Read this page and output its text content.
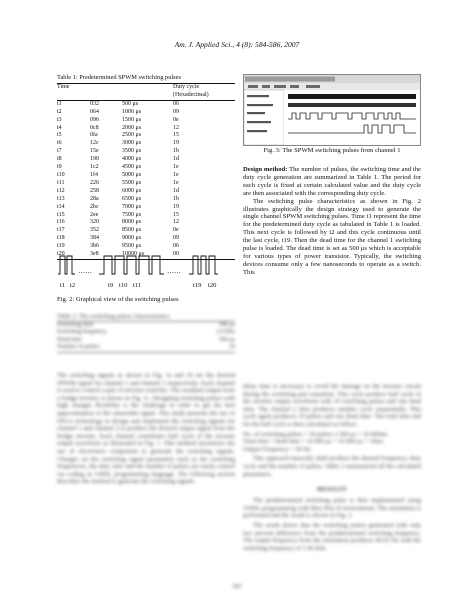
Am. J. Applied Sci., 4 (8): 584-586, 2007
Table 1: Predetermined SPWM switching pulses
Time			Duty cycle
			(Hexadecimal)
t1	032	500 μs	06
t2	064	1000 μs	09
t3	096	1500 μs	0e
t4	0c8	2000 μs	12
t5	0fa	2500 μs	15
t6	12c	3000 μs	19
t7	15e	3500 μs	1b
t8	190	4000 μs	1d
t9	1c2	4500 μs	1e
t10	1f4	5000 μs	1e
t11	226	5500 μs	1e
t12	258	6000 μs	1d
t13	28a	6500 μs	1b
t14	2bc	7000 μs	19
t15	2ee	7500 μs	15
t16	320	8000 μs	12
t17	352	8500 μs	0e
t18	384	9000 μs	09
t19	3b6	9500 μs	06
t20	3e8	10000 μs	00
……	……
t1 t2	t9 t10 t11	t19 t20
Fig. 2: Graphical view of the switching pulses
Table 2: The switching pulses characteristics
Switching time	500 μs
Switching frequency	2.0 kHz
Dead time	500 μs
Number of pulses	19
The switching signals as shown in Fig. 1a and 1b are the desired SPWM signal for channel 1 and channel 2 respectively. Each channel is used to control a pair of inverter switches. The resultant output from a bridge inverter is shown in Fig. 1c. Designing switching pulses with high changes flexibility is the challenge in order to get the best approximation of the sinusoidal signal. This study presents the use of FPGA technology to design and implement the switching signals for channel 1 and channel 2 to produce the desired output signal from the bridge inverter. Each channel contributes half cycle of the inverter output waveform as illustrated in Fig. 1. This method maximizes the use of electronics component to generate the switching signals. Changes on the switching signal parameters such as the switching frequencies, the duty ratio and the number of pulses are easily control via coding in VHDL programming language. The following section describes the method to generate the switching signals.
Fig. 3: The SPWM switching pulses from channel 1

Design method: The number of pulses, the switching time and the duty cycle generation are summarized in Table 1. The period for each cycle is fixed at certain calculated value and the duty cycle are then associated with the corresponding duty cycle.

The switching pulse characteristics as shown in Fig. 2 illustrates graphically the design strategy used to generate the single channel SPWM switching pulses. Time t1 represent the time for the predetermined duty cycle as tabulated in Table 1 is loaded. This next cycle is followed by t2 and this cycle continuous until the last cycle, t19. Then the dead time for the channel 1 switching pulse is loaded. The dead time is set as 500 μs which is acceptable for various types of power transistor. Typically, the switching devices consume only a few nanoseconds to operate as a switch. This

delay time is necessary to avoid the damage on the inverter circuit during the switching pair transition. This cycle produce half cycle of the inverter output waveform with 19 switching pulses and one dead time. The channel 2 then produces another cycle sequentially. This cycle again produces 19 pulses and one dead time. The total time and for the half cycle is then calculated as follow:
No. of switching pulses = 20 pulses x 500 μs = 10 000ms
Total time = dead time + 10 000 μs = 10 000 μs = 10ms
Output Frequency = 50 Hz
This approach basically shall produce the desired frequency, duty cycle and the number of pulses. Table 2 summarized all the calculated parameters.
RESULTS
The predetermined switching pulse is then implemented using VHDL programming with Max Plus II environment. The simulation is performed and the result is shown in Fig. 3.
The result shows that the switching pulses generated with only two percent difference from the predetermined switching frequency. The output frequency from the simulation produces 49.02 Hz with the switching frequency of 1.96 kHz.
585
